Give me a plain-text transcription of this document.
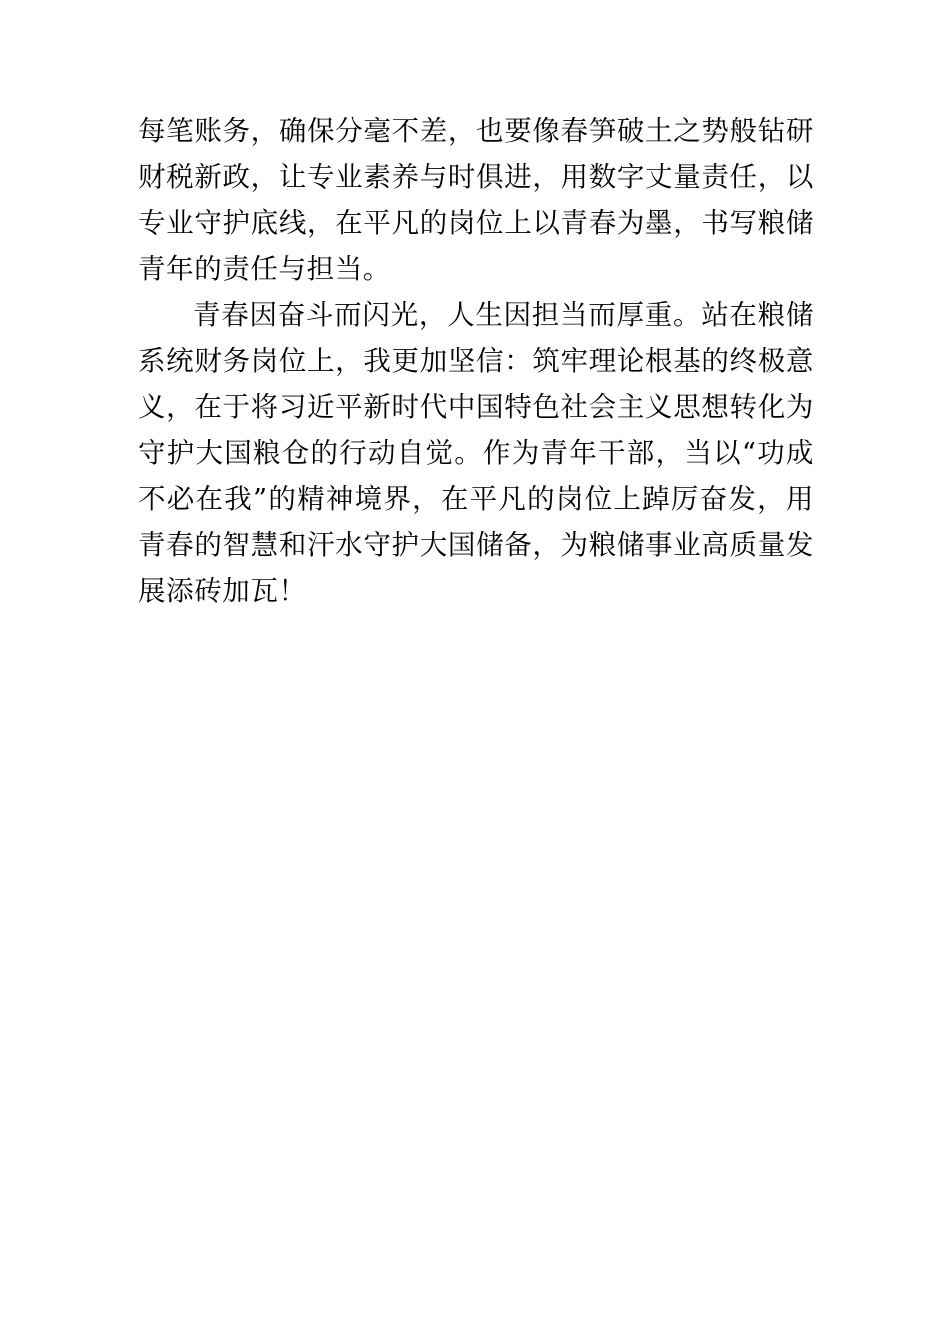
每笔账务，确保分毫不差，也要像春笋破土之势般钻研财税新政，让专业素养与时俱进，用数字丈量责任，以专业守护底线，在平凡的岗位上以青春为墨，书写粮储青年的责任与担当。

青春因奋斗而闪光，人生因担当而厚重。站在粮储系统财务岗位上，我更加坚信：筑牢理论根基的终极意义，在于将习近平新时代中国特色社会主义思想转化为守护大国粮仓的行动自觉。作为青年干部，当以“功成不必在我”的精神境界，在平凡的岗位上踔厉奋发，用青春的智慧和汗水守护大国储备，为粮储事业高质量发展添砖加瓦！
